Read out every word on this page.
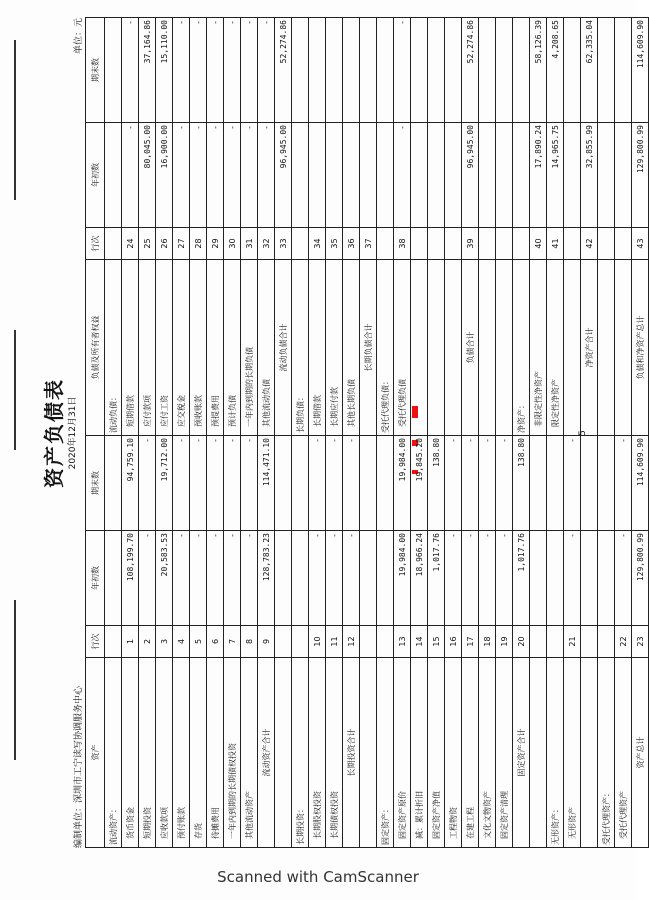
资产负债表 2020年12月31日
编制单位：深圳市工宁读写协调服务中心
单位：元
资产	行次	年初数	期末数	负债及所有者权益	行次	年初数	期末数
流动资产：				流动负债：			
货币资金	1	108,199.70	94,759.10	短期借款	24	-	-
短期投资	2	-	-	应付款项	25	80,045.00	37,164.86
应收款项	3	20,583.53	19,712.00	应付工资	26	16,900.00	15,110.00
预付账款	4	-	-	应交税金	27	-	-
存货	5	-	-	预收账款	28	-	-
待摊费用	6	-	-	预提费用	29	-	-
一年内到期的长期债权投资	7	-	-	预计负债	30	-	-
其他流动资产	8	-	-	一年内到期的长期负债	31	-	-
流动资产合计	9	128,783.23	114,471.10	其他流动负债	32	-	-
				流动负债合计	33	96,945.00	52,274.86
长期投资：				长期负债：			
长期股权投资	10	-	-	长期借款	34		
长期债权投资	11	-	-	长期应付款	35		
长期投资合计	12	-	-	其他长期负债	36		
				长期负债合计	37		
固定资产：				受托代理负债：			
固定资产原价	13	19,984.00	19,984.00	受托代理负债	38	-	-
减：累计折旧	14	18,966.24	19,845.20				
固定资产净值	15	1,017.76	138.80				
工程物资	16	-	-				
在建工程	17	-	-	负债合计	39	96,945.00	52,274.86
文化文物资产	18	-	-				
固定资产清理	19	-	-				
固定资产合计	20	1,017.76	138.80	净资产：			
				非限定性净资产	40	17,890.24	58,126.39
无形资产：				限定性净资产	41	14,965.75	4,208.65
无形资产	21	-	-				
				净资产合计	42	32,855.99	62,335.04
受托代理资产：							
受托代理资产	22	-	-				
资产总计	23	129,800.99	114,609.90	负债和净资产总计	43	129,800.99	114,609.90
5
Scanned with CamScanner
